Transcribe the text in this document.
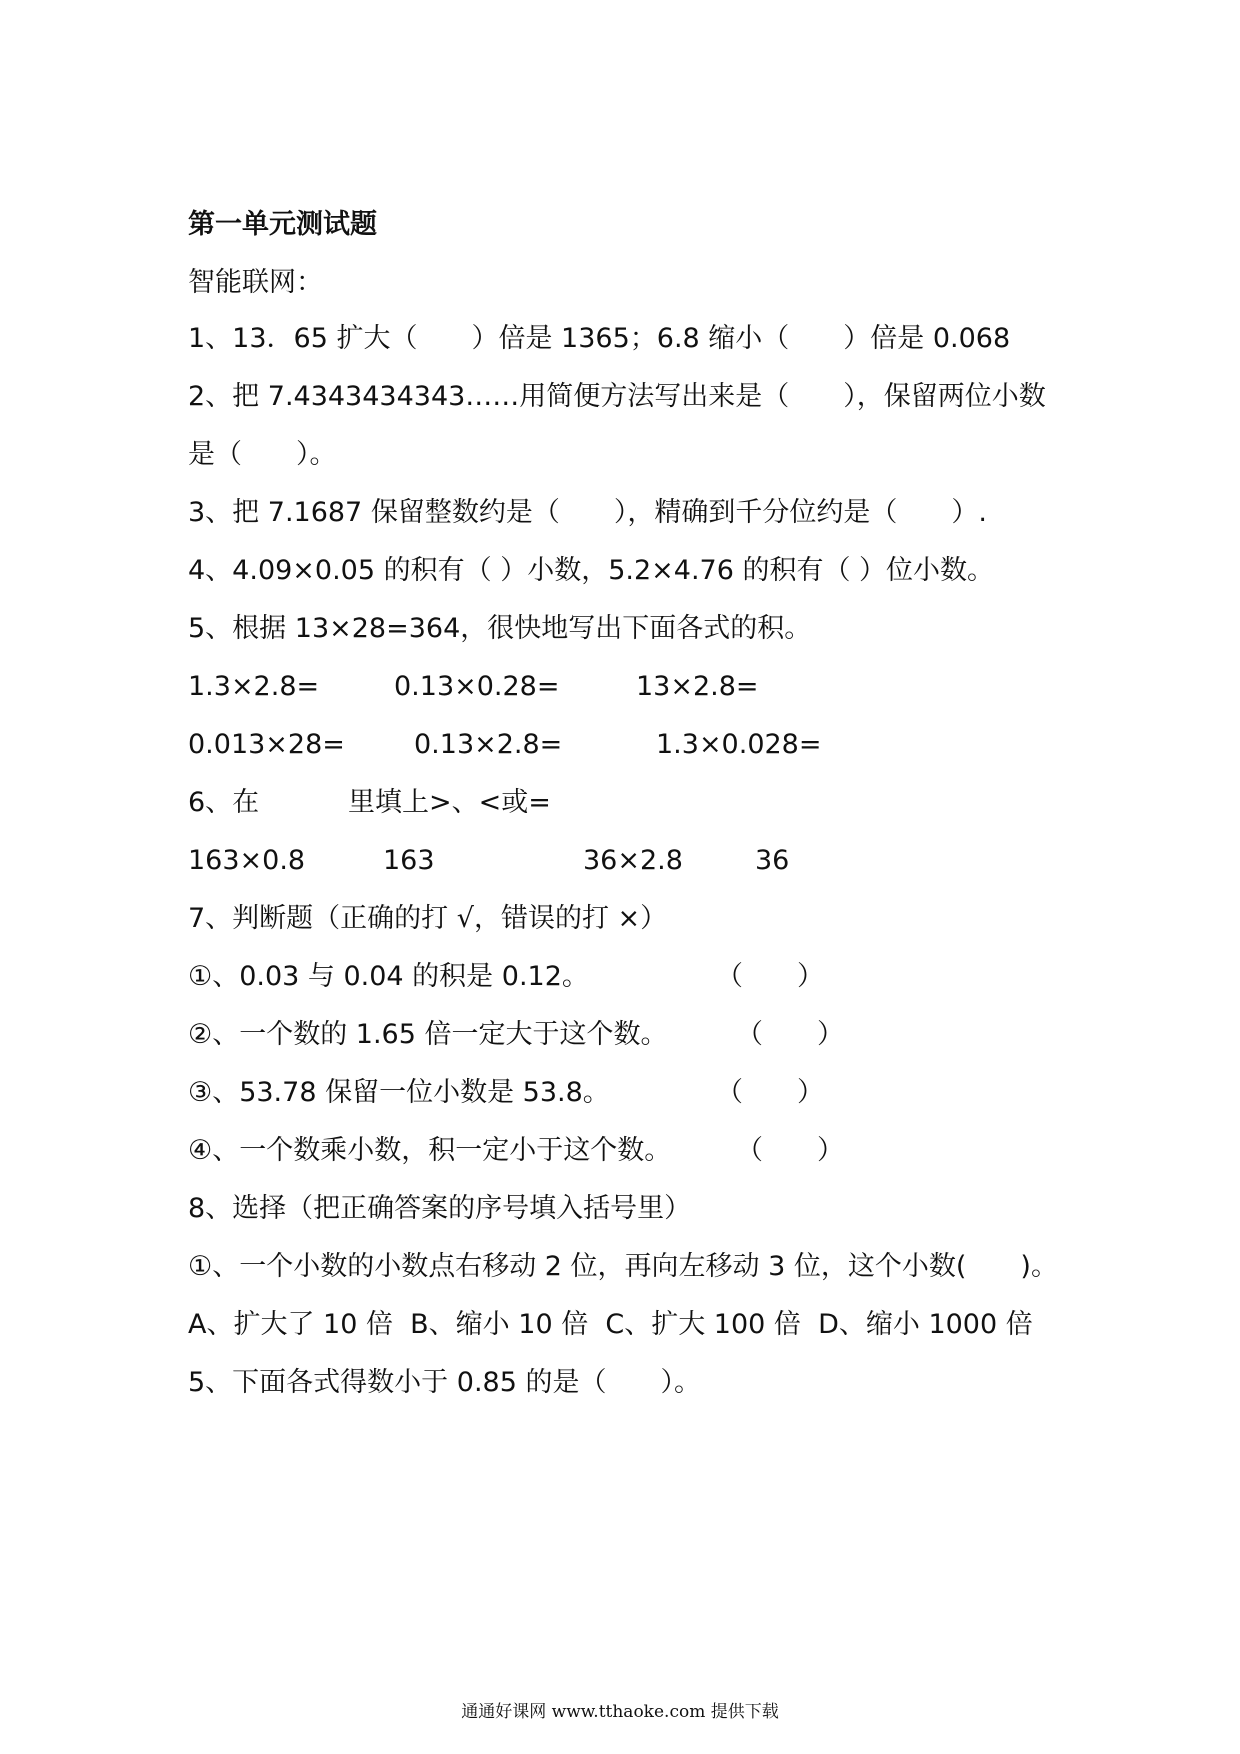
第一单元测试题
智能联网：
1、13．65 扩大（　　）倍是 1365；6.8 缩小（　　）倍是 0.068
2、把 7.4343434343……用简便方法写出来是（　　），保留两位小数
是（　　）。
3、把 7.1687 保留整数约是（　　），精确到千分位约是（　　）.
4、4.09×0.05 的积有（ ）小数，5.2×4.76 的积有（ ）位小数。
5、根据 13×28=364，很快地写出下面各式的积。

1.3×2.8=

	0.13×0.28=

	13×2.8=

0.013×28=

	0.13×2.8=

	1.3×0.028=

6、在

	里填上>、<或=

163×0.8

	163

	36×2.8

	36

7、判断题（正确的打 √，错误的打 ×）

①、0.03 与 0.04 的积是 0.12。

	（　　）

②、一个数的 1.65 倍一定大于这个数。

	（　　）

③、53.78 保留一位小数是 53.8。

	（　　）

④、一个数乘小数，积一定小于这个数。

（　　）

8、选择（把正确答案的序号填入括号里）
①、一个小数的小数点右移动 2 位，再向左移动 3 位，这个小数(　　)。
A、扩大了 10 倍  B、缩小 10 倍  C、扩大 100 倍  D、缩小 1000 倍
5、下面各式得数小于 0.85 的是（　　）。
通通好课网 www.tthaoke.com 提供下载
